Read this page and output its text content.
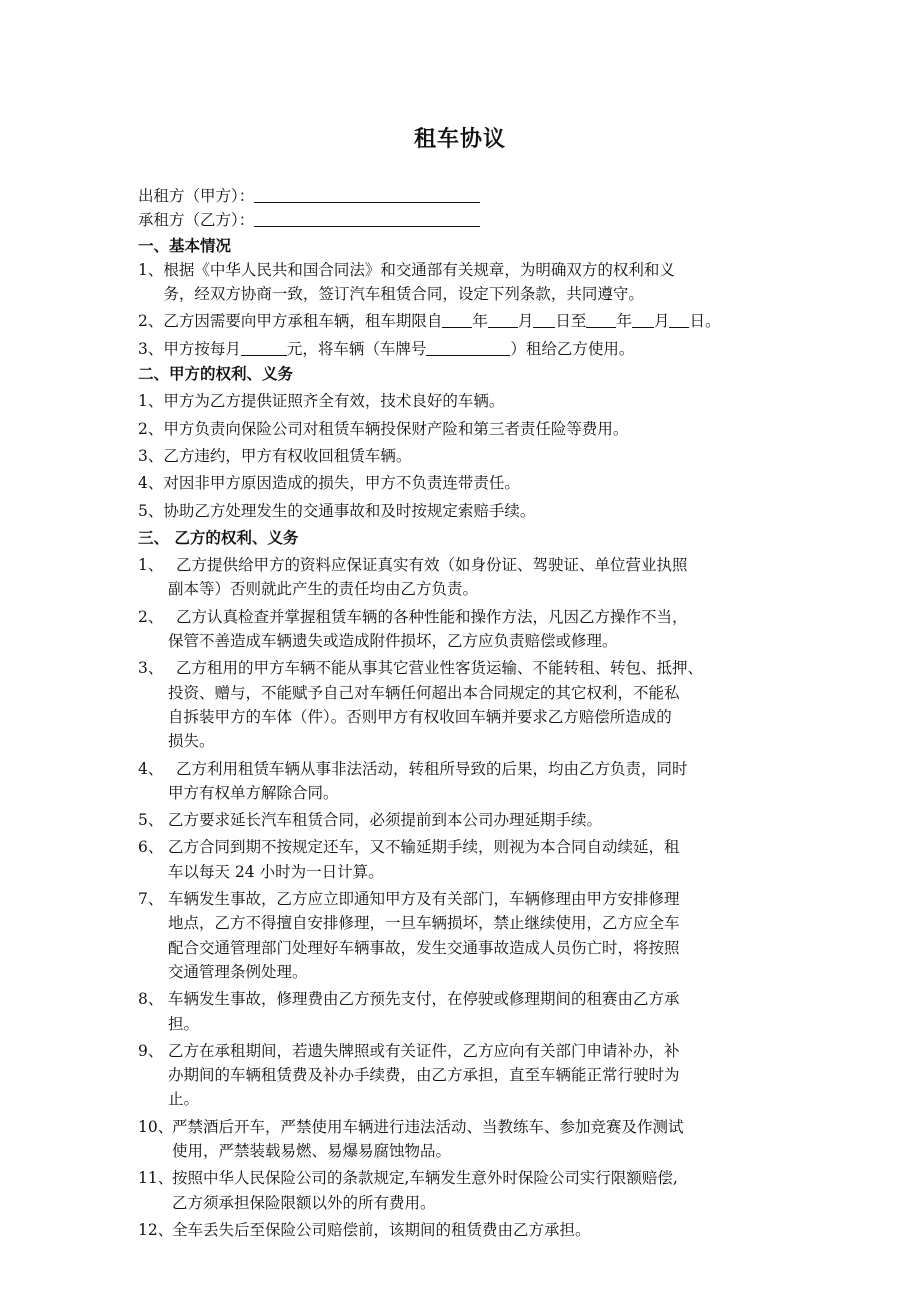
租车协议
出租方（甲方）：
承租方（乙方）：
一、基本情况
1、 根据《中华人民共和国合同法》和交通部有关规章，为明确双方的权利和义
务，经双方协商一致，签订汽车租赁合同，设定下列条款，共同遵守。
2、乙方因需要向甲方承租车辆，租车期限自 年 月 日至 年 月 日。
3、甲方按每月	元，将车辆（车牌号	）租给乙方使用。
二、甲方的权利、义务
1、甲方为乙方提供证照齐全有效，技术良好的车辆。
2、甲方负责向保险公司对租赁车辆投保财产险和第三者责任险等费用。
3、乙方违约，甲方有权收回租赁车辆。
4、对因非甲方原因造成的损失，甲方不负责连带责任。
5、协助乙方处理发生的交通事故和及时按规定索赔手续。
三、 乙方的权利、义务
1、 乙方提供给甲方的资料应保证真实有效（如身份证、驾驶证、单位营业执照
副本等）否则就此产生的责任均由乙方负责。
2、 乙方认真检查并掌握租赁车辆的各种性能和操作方法，凡因乙方操作不当，
保管不善造成车辆遗失或造成附件损坏，乙方应负责赔偿或修理。
3、 乙方租用的甲方车辆不能从事其它营业性客货运输、不能转租、转包、抵押、
投资、赠与，不能赋予自己对车辆任何超出本合同规定的其它权利，不能私
自拆装甲方的车体（件）。否则甲方有权收回车辆并要求乙方赔偿所造成的
损失。
4、 乙方利用租赁车辆从事非法活动，转租所导致的后果，均由乙方负责，同时
甲方有权单方解除合同。
5、 乙方要求延长汽车租赁合同，必须提前到本公司办理延期手续。
6、 乙方合同到期不按规定还车，又不输延期手续，则视为本合同自动续延，租
车以每天 24 小时为一日计算。
7、 车辆发生事故，乙方应立即通知甲方及有关部门，车辆修理由甲方安排修理
地点，乙方不得擅自安排修理，一旦车辆损坏，禁止继续使用，乙方应全车
配合交通管理部门处理好车辆事故，发生交通事故造成人员伤亡时，将按照
交通管理条例处理。
8、 车辆发生事故，修理费由乙方预先支付，在停驶或修理期间的租赛由乙方承
担。
9、 乙方在承租期间，若遗失牌照或有关证件，乙方应向有关部门申请补办，补
办期间的车辆租赁费及补办手续费，由乙方承担，直至车辆能正常行驶时为
止。
10、严禁酒后开车，严禁使用车辆进行违法活动、当教练车、参加竞赛及作测试
使用，严禁装载易燃、易爆易腐蚀物品。
11、按照中华人民保险公司的条款规定,车辆发生意外时保险公司实行限额赔偿,
乙方须承担保险限额以外的所有费用。
12、全车丢失后至保险公司赔偿前，该期间的租赁费由乙方承担。
